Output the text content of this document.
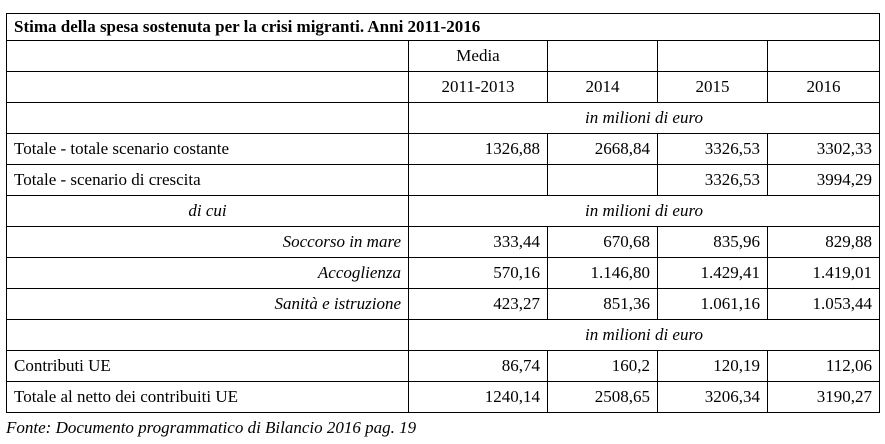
Stima della spesa sostenuta per la crisi migranti. Anni 2011-2016				
	Media			
	2011-2013	2014	2015	2016
	in milioni di euro			
Totale - totale scenario costante	1326,88	2668,84	3326,53	3302,33
Totale - scenario di crescita			3326,53	3994,29
di cui	in milioni di euro			
Soccorso in mare	333,44	670,68	835,96	829,88
Accoglienza	570,16	1.146,80	1.429,41	1.419,01
Sanità e istruzione	423,27	851,36	1.061,16	1.053,44
	in milioni di euro			
Contributi UE	86,74	160,2	120,19	112,06
Totale al netto dei contribuiti UE	1240,14	2508,65	3206,34	3190,27
Fonte: Documento programmatico di Bilancio 2016 pag. 19
